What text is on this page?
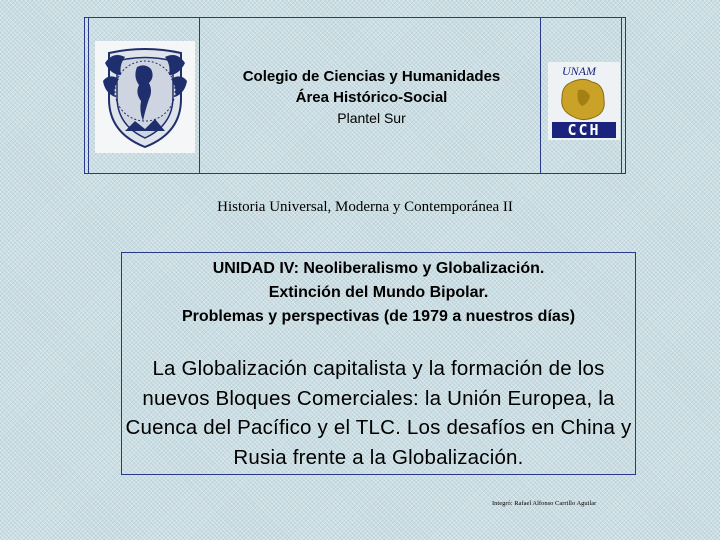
UNAM
CCH
Colegio de Ciencias y Humanidades
Área Histórico-Social
Plantel Sur
Historia Universal, Moderna y Contemporánea II
UNIDAD IV: Neoliberalismo y Globalización.
Extinción del Mundo Bipolar.
Problemas y perspectivas (de 1979 a nuestros días)
La Globalización capitalista y la formación de los nuevos Bloques Comerciales: la Unión Europea, la Cuenca del Pacífico y el TLC. Los desafíos en China y Rusia frente a la Globalización.
Integró: Rafael Alfonso Carrillo Aguilar
